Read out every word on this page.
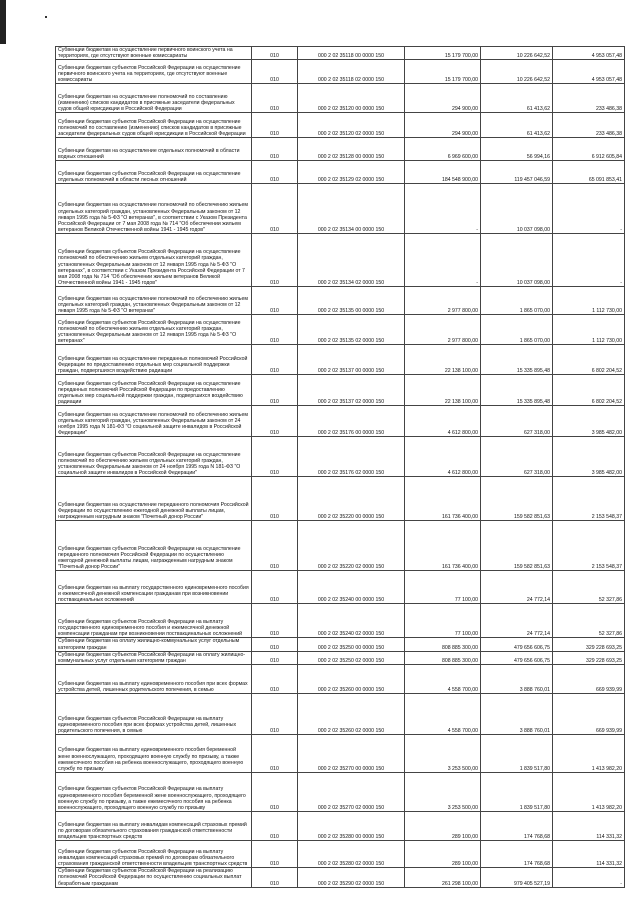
Субвенции бюджетам на осуществление первичного воинского учета на территориях, где отсутствуют военные комиссариаты	010	000 2 02 35118 00 0000 150	15 179 700,00	10 226 642,52	4 953 057,48
Субвенции бюджетам субъектов Российской Федерации на осуществление первичного воинского учета на территориях, где отсутствуют военные комиссариаты	010	000 2 02 35118 02 0000 150	15 179 700,00	10 226 642,52	4 953 057,48
Субвенции бюджетам на осуществление полномочий по составлению (изменению) списков кандидатов в присяжные заседатели федеральных судов общей юрисдикции в Российской Федерации	010	000 2 02 35120 00 0000 150	294 900,00	61 413,62	233 486,38
Субвенции бюджетам субъектов Российской Федерации на осуществление полномочий по составлению (изменению) списков кандидатов в присяжные заседатели федеральных судов общей юрисдикции в Российской Федерации	010	000 2 02 35120 02 0000 150	294 900,00	61 413,62	233 486,38
Субвенции бюджетам на осуществление отдельных полномочий в области водных отношений	010	000 2 02 35128 00 0000 150	6 969 600,00	56 994,16	6 912 605,84
Субвенции бюджетам субъектов Российской Федерации на осуществление отдельных полномочий в области лесных отношений	010	000 2 02 35129 02 0000 150	184 548 900,00	119 457 046,59	65 091 853,41
Субвенции бюджетам на осуществление полномочий по обеспечению жильем отдельных категорий граждан, установленных Федеральным законом от 12 января 1995 года № 5-ФЗ "О ветеранах", в соответствии с Указом Президента Российской Федерации от 7 мая 2008 года № 714 "Об обеспечении жильем ветеранов Великой Отечественной войны 1941 - 1945 годов"	010	000 2 02 35134 00 0000 150	-	10 037 098,00	-
Субвенции бюджетам субъектов Российской Федерации на осуществление полномочий по обеспечению жильем отдельных категорий граждан, установленных Федеральным законом от 12 января 1995 года № 5-ФЗ "О ветеранах", в соответствии с Указом Президента Российской Федерации от 7 мая 2008 года № 714 "Об обеспечении жильем ветеранов Великой Отечественной войны 1941 - 1945 годов"	010	000 2 02 35134 02 0000 150	-	10 037 098,00	-
Субвенции бюджетам на осуществление полномочий по обеспечению жильем отдельных категорий граждан, установленных Федеральным законом от 12 января 1995 года № 5-ФЗ "О ветеранах"	010	000 2 02 35135 00 0000 150	2 977 800,00	1 865 070,00	1 112 730,00
Субвенции бюджетам субъектов Российской Федерации на осуществление полномочий по обеспечению жильем отдельных категорий граждан, установленных Федеральным законом от 12 января 1995 года № 5-ФЗ "О ветеранах"	010	000 2 02 35135 02 0000 150	2 977 800,00	1 865 070,00	1 112 730,00
Субвенции бюджетам на осуществление переданных полномочий Российской Федерации по предоставлению отдельных мер социальной поддержки граждан, подвергшихся воздействию радиации	010	000 2 02 35137 00 0000 150	22 138 100,00	15 335 895,48	6 802 204,52
Субвенции бюджетам субъектов Российской Федерации на осуществление переданных полномочий Российской Федерации по предоставлению отдельных мер социальной поддержки граждан, подвергшихся воздействию радиации	010	000 2 02 35137 02 0000 150	22 138 100,00	15 335 895,48	6 802 204,52
Субвенции бюджетам на осуществление полномочий по обеспечению жильем отдельных категорий граждан, установленных Федеральным законом от 24 ноября 1995 года N 181-ФЗ "О социальной защите инвалидов в Российской Федерации"	010	000 2 02 35176 00 0000 150	4 612 800,00	627 318,00	3 985 482,00
Субвенции бюджетам субъектов Российской Федерации на осуществление полномочий по обеспечению жильем отдельных категорий граждан, установленных Федеральным законом от 24 ноября 1995 года N 181-ФЗ "О социальной защите инвалидов в Российской Федерации"	010	000 2 02 35176 02 0000 150	4 612 800,00	627 318,00	3 985 482,00
Субвенции бюджетам на осуществление переданного полномочия Российской Федерации по осуществлению ежегодной денежной выплаты лицам, награжденным нагрудным знаком "Почетный донор России"	010	000 2 02 35220 00 0000 150	161 736 400,00	159 582 851,63	2 153 548,37
Субвенции бюджетам субъектов Российской Федерации на осуществление переданного полномочия Российской Федерации по осуществлению ежегодной денежной выплаты лицам, награжденным нагрудным знаком "Почетный донор России"	010	000 2 02 35220 02 0000 150	161 736 400,00	159 582 851,63	2 153 548,37
Субвенции бюджетам на выплату государственного единовременного пособия и ежемесячной денежной компенсации гражданам при возникновении поствакцинальных осложнений	010	000 2 02 35240 00 0000 150	77 100,00	24 772,14	52 327,86
Субвенции бюджетам субъектов Российской Федерации на выплату государственного единовременного пособия и ежемесячной денежной компенсации гражданам при возникновении поствакцинальных осложнений	010	000 2 02 35240 02 0000 150	77 100,00	24 772,14	52 327,86
Субвенции бюджетам на оплату жилищно-коммунальных услуг отдельным категориям граждан	010	000 2 02 35250 00 0000 150	808 885 300,00	479 656 606,75	329 228 693,25
Субвенции бюджетам субъектов Российской Федерации на оплату жилищно-коммунальных услуг отдельным категориям граждан	010	000 2 02 35250 02 0000 150	808 885 300,00	479 656 606,75	329 228 693,25
Субвенции бюджетам на выплату единовременного пособия при всех формах устройства детей, лишенных родительского попечения, в семью	010	000 2 02 35260 00 0000 150	4 558 700,00	3 888 760,01	669 939,99
Субвенции бюджетам субъектов Российской Федерации на выплату единовременного пособия при всех формах устройства детей, лишенных родительского попечения, в семью	010	000 2 02 35260 02 0000 150	4 558 700,00	3 888 760,01	669 939,99
Субвенции бюджетам на выплату единовременного пособия беременной жене военнослужащего, проходящего военную службу по призыву, а также ежемесячного пособия на ребенка военнослужащего, проходящего военную службу по призыву	010	000 2 02 35270 00 0000 150	3 253 500,00	1 839 517,80	1 413 982,20
Субвенции бюджетам субъектов Российской Федерации на выплату единовременного пособия беременной жене военнослужащего, проходящего военную службу по призыву, а также ежемесячного пособия на ребенка военнослужащего, проходящего военную службу по призыву	010	000 2 02 35270 02 0000 150	3 253 500,00	1 839 517,80	1 413 982,20
Субвенции бюджетам на выплату инвалидам компенсаций страховых премий по договорам обязательного страхования гражданской ответственности владельцев транспортных средств	010	000 2 02 35280 00 0000 150	289 100,00	174 768,68	114 331,32
Субвенции бюджетам субъектов Российской Федерации на выплату инвалидам компенсаций страховых премий по договорам обязательного страхования гражданской ответственности владельцев транспортных средств	010	000 2 02 35280 02 0000 150	289 100,00	174 768,68	114 331,32
Субвенции бюджетам субъектов Российской Федерации на реализацию полномочий Российской Федерации по осуществлению социальных выплат безработным гражданам	010	000 2 02 35290 02 0000 150	261 298 100,00	979 405 527,19	-
